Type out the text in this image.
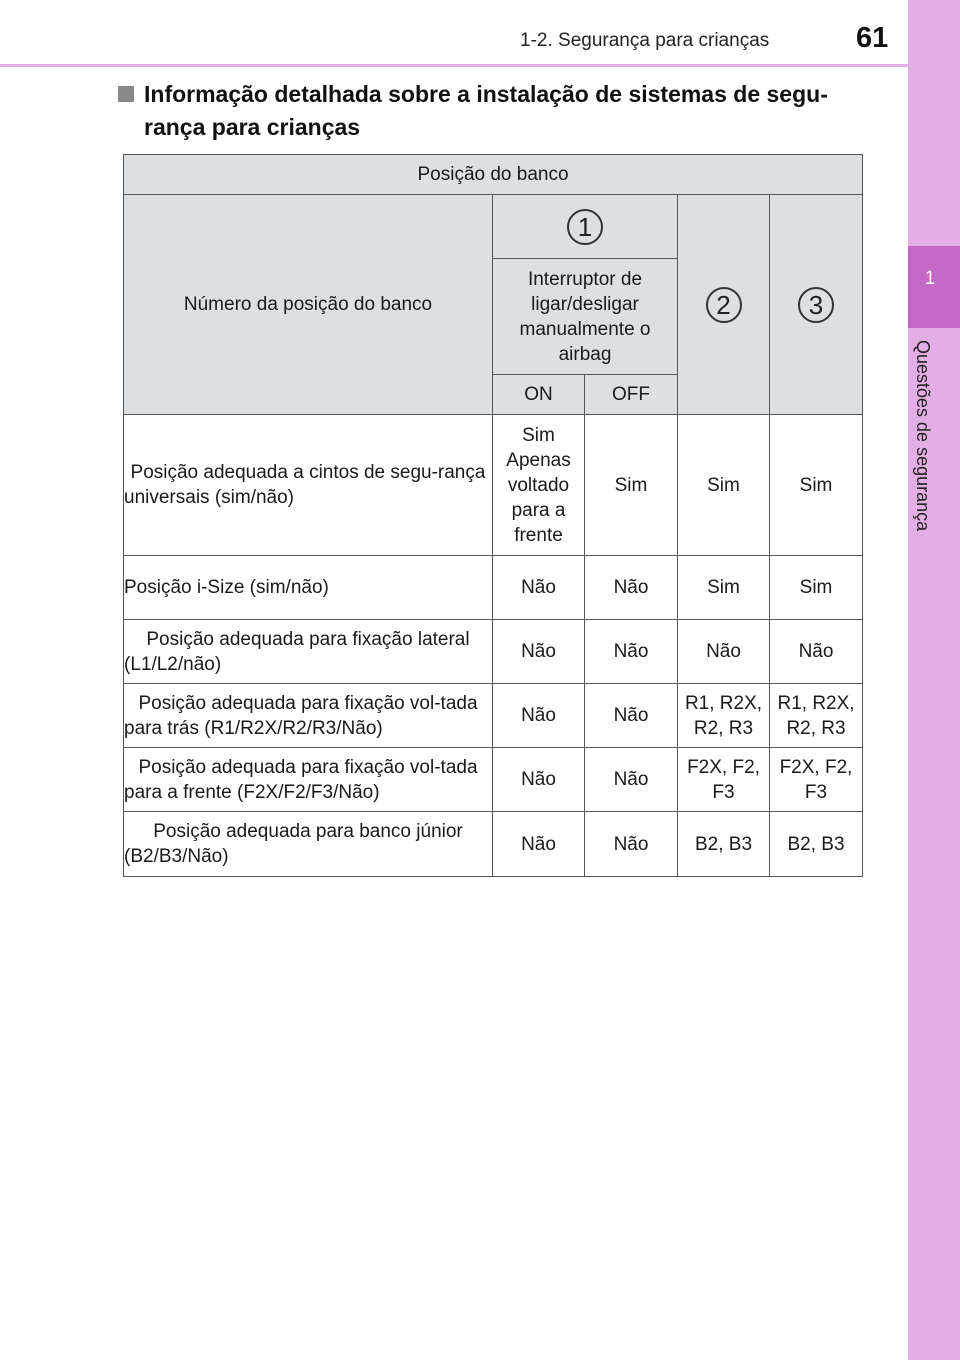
1-2. Segurança para crianças	61
1
Questões de segurança
Informação detalhada sobre a instalação de sistemas de segu-rança para crianças
Posição do banco				
Número da posição do banco	1		2	3
	Interruptor de ligar/desligar manualmente o airbag			
	ON	OFF		
Posição adequada a cintos de segu-rança universais (sim/não)	Sim Apenas voltado para a frente	Sim	Sim	Sim
Posição i-Size (sim/não)	Não	Não	Sim	Sim
Posição adequada para fixação lateral (L1/L2/não)	Não	Não	Não	Não
Posição adequada para fixação vol-tada para trás (R1/R2X/R2/R3/Não)	Não	Não	R1, R2X, R2, R3	R1, R2X, R2, R3
Posição adequada para fixação vol-tada para a frente (F2X/F2/F3/Não)	Não	Não	F2X, F2, F3	F2X, F2, F3
Posição adequada para banco júnior (B2/B3/Não)	Não	Não	B2, B3	B2, B3
